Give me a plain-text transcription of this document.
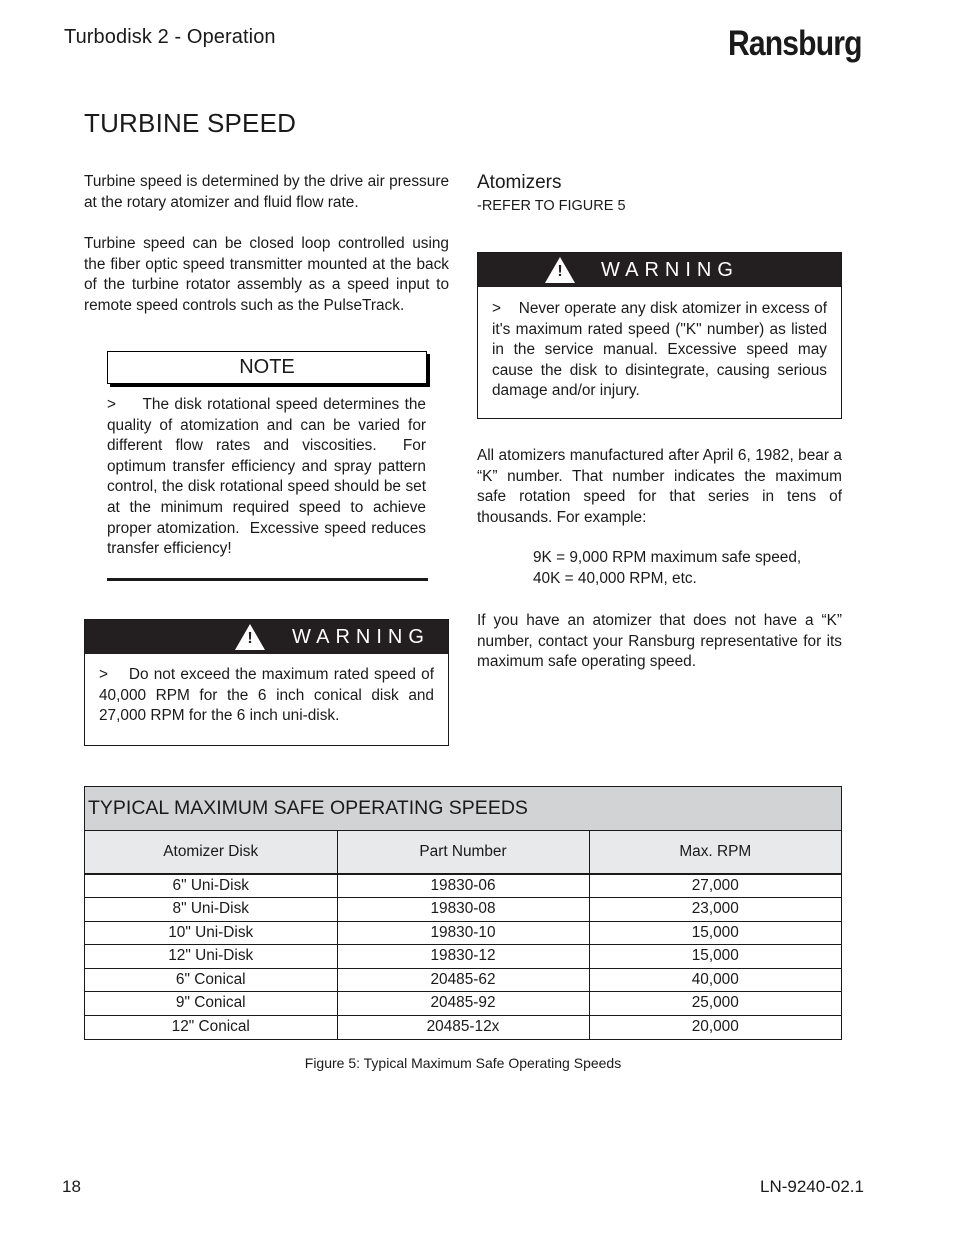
Turbodisk 2 - Operation	Ransburg
TURBINE SPEED

Turbine speed is determined by the drive air pressure at the rotary atomizer and fluid flow rate.

Turbine speed can be closed loop controlled using the fiber optic speed transmitter mounted at the back of the turbine rotator assembly as a speed input to remote speed controls such as the PulseTrack.

NOTE

>     The disk rotational speed determines the quality of atomization and can be varied for different flow rates and viscosities.  For optimum transfer efficiency and spray pattern control, the disk rotational speed should be set at the minimum required speed to achieve proper atomization.  Excessive speed reduces transfer efficiency!

!	WARNING

>    Do not exceed the maximum rated speed of 40,000 RPM for the 6 inch conical disk and 27,000 RPM for the 6 inch uni-disk.

Atomizers
-REFER TO FIGURE 5
!	WARNING

>    Never operate any disk atomizer in excess of it's maximum rated speed ("K" number) as listed in the service manual. Excessive speed may cause the disk to disintegrate, causing serious damage and/or injury.

All atomizers manufactured after April 6, 1982, bear a “K” number. That number indicates the maximum safe rotation speed for that series in tens of thousands. For example:

9K = 9,000 RPM maximum safe speed,
40K = 40,000 RPM, etc.

If you have an atomizer that does not have a “K” number, contact your Ransburg representative for its maximum safe operating speed.

TYPICAL MAXIMUM SAFE OPERATING SPEEDS
Atomizer Disk	Part Number	Max. RPM
6" Uni-Disk	19830-06	27,000
8" Uni-Disk	19830-08	23,000
10" Uni-Disk	19830-10	15,000
12" Uni-Disk	19830-12	15,000
6" Conical	20485-62	40,000
9" Conical	20485-92	25,000
12" Conical	20485-12x	20,000
Figure 5: Typical Maximum Safe Operating Speeds
18	LN-9240-02.1
